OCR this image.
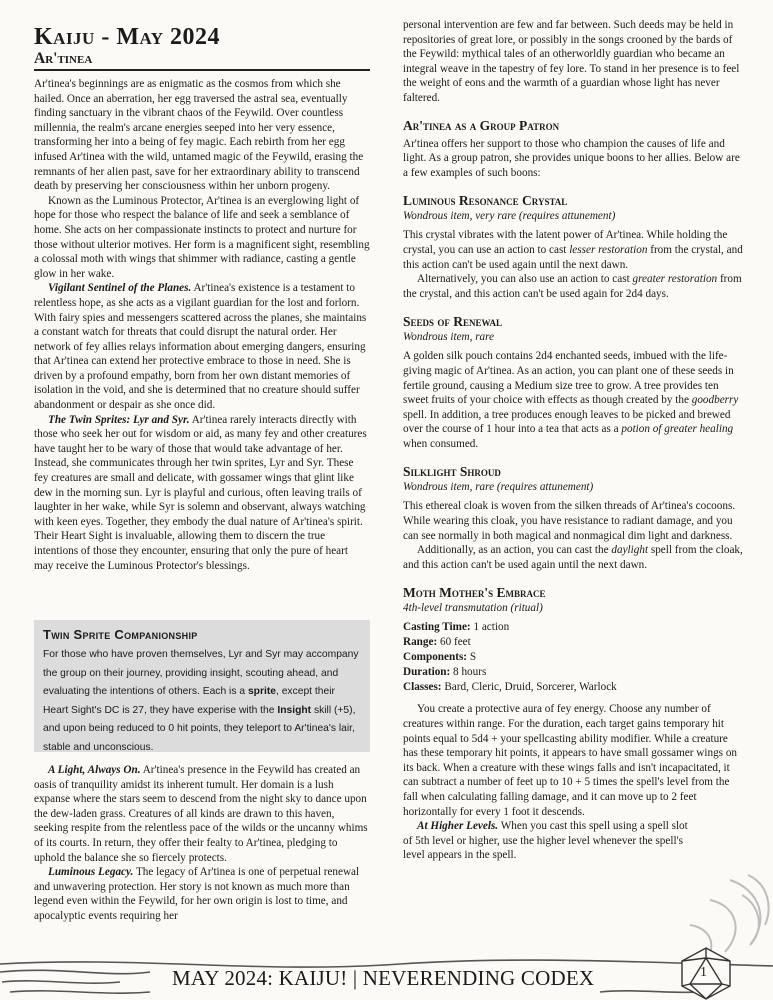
Kaiju - May 2024
Ar'tinea

Ar'tinea's beginnings are as enigmatic as the cosmos from which she hailed. Once an aberration, her egg traversed the astral sea, eventually finding sanctuary in the vibrant chaos of the Feywild. Over countless millennia, the realm's arcane energies seeped into her very essence, transforming her into a being of fey magic. Each rebirth from her egg infused Ar'tinea with the wild, untamed magic of the Feywild, erasing the remnants of her alien past, save for her extraordinary ability to transcend death by preserving her consciousness within her unborn progeny.

Known as the Luminous Protector, Ar'tinea is an everglowing light of hope for those who respect the balance of life and seek a semblance of home. She acts on her compassionate instincts to protect and nurture for those without ulterior motives. Her form is a magnificent sight, resembling a colossal moth with wings that shimmer with radiance, casting a gentle glow in her wake.

Vigilant Sentinel of the Planes. Ar'tinea's existence is a testament to relentless hope, as she acts as a vigilant guardian for the lost and forlorn. With fairy spies and messengers scattered across the planes, she maintains a constant watch for threats that could disrupt the natural order. Her network of fey allies relays information about emerging dangers, ensuring that Ar'tinea can extend her protective embrace to those in need. She is driven by a profound empathy, born from her own distant memories of isolation in the void, and she is determined that no creature should suffer abandonment or despair as she once did.

The Twin Sprites: Lyr and Syr. Ar'tinea rarely interacts directly with those who seek her out for wisdom or aid, as many fey and other creatures have taught her to be wary of those that would take advantage of her. Instead, she communicates through her twin sprites, Lyr and Syr. These fey creatures are small and delicate, with gossamer wings that glint like dew in the morning sun. Lyr is playful and curious, often leaving trails of laughter in her wake, while Syr is solemn and observant, always watching with keen eyes. Together, they embody the dual nature of Ar'tinea's spirit. Their Heart Sight is invaluable, allowing them to discern the true intentions of those they encounter, ensuring that only the pure of heart may receive the Luminous Protector's blessings.

Twin Sprite Companionship

For those who have proven themselves, Lyr and Syr may accompany the group on their journey, providing insight, scouting ahead, and evaluating the intentions of others. Each is a sprite, except their Heart Sight's DC is 27, they have experise with the Insight skill (+5), and upon being reduced to 0 hit points, they teleport to Ar'tinea's lair, stable and unconscious.

A Light, Always On. Ar'tinea's presence in the Feywild has created an oasis of tranquility amidst its inherent tumult. Her domain is a lush expanse where the stars seem to descend from the night sky to dance upon the dew-laden grass. Creatures of all kinds are drawn to this haven, seeking respite from the relentless pace of the wilds or the uncanny whims of its courts. In return, they offer their fealty to Ar'tinea, pledging to uphold the balance she so fiercely protects.

Luminous Legacy. The legacy of Ar'tinea is one of perpetual renewal and unwavering protection. Her story is not known as much more than legend even within the Feywild, for her own origin is lost to time, and apocalyptic events requiring her

personal intervention are few and far between. Such deeds may be held in repositories of great lore, or possibly in the songs crooned by the bards of the Feywild: mythical tales of an otherworldly guardian who became an integral weave in the tapestry of fey lore. To stand in her presence is to feel the weight of eons and the warmth of a guardian whose light has never faltered.

Ar'tinea as a Group Patron

Ar'tinea offers her support to those who champion the causes of life and light. As a group patron, she provides unique boons to her allies. Below are a few examples of such boons:

Luminous Resonance Crystal

Wondrous item, very rare (requires attunement)

This crystal vibrates with the latent power of Ar'tinea. While holding the crystal, you can use an action to cast lesser restoration from the crystal, and this action can't be used again until the next dawn.

Alternatively, you can also use an action to cast greater restoration from the crystal, and this action can't be used again for 2d4 days.

Seeds of Renewal

Wondrous item, rare

A golden silk pouch contains 2d4 enchanted seeds, imbued with the life-giving magic of Ar'tinea. As an action, you can plant one of these seeds in fertile ground, causing a Medium size tree to grow. A tree provides ten sweet fruits of your choice with effects as though created by the goodberry spell. In addition, a tree produces enough leaves to be picked and brewed over the course of 1 hour into a tea that acts as a potion of greater healing when consumed.

Silklight Shroud

Wondrous item, rare (requires attunement)

This ethereal cloak is woven from the silken threads of Ar'tinea's cocoons. While wearing this cloak, you have resistance to radiant damage, and you can see normally in both magical and nonmagical dim light and darkness.

Additionally, as an action, you can cast the daylight spell from the cloak, and this action can't be used again until the next dawn.

Moth Mother's Embrace

4th-level transmutation (ritual)

Casting Time: 1 action

Range: 60 feet

Components: S

Duration: 8 hours

Classes: Bard, Cleric, Druid, Sorcerer, Warlock

You create a protective aura of fey energy. Choose any number of creatures within range. For the duration, each target gains temporary hit points equal to 5d4 + your spellcasting ability modifier. While a creature has these temporary hit points, it appears to have small gossamer wings on its back. When a creature with these wings falls and isn't incapacitated, it can subtract a number of feet up to 10 + 5 times the spell's level from the fall when calculating falling damage, and it can move up to 2 feet horizontally for every 1 foot it descends.

At Higher Levels. When you cast this spell using a spell slot of 5th level or higher, use the higher level whenever the spell's level appears in the spell.

MAY 2024: KAIJU! | NEVERENDING CODEX	1
